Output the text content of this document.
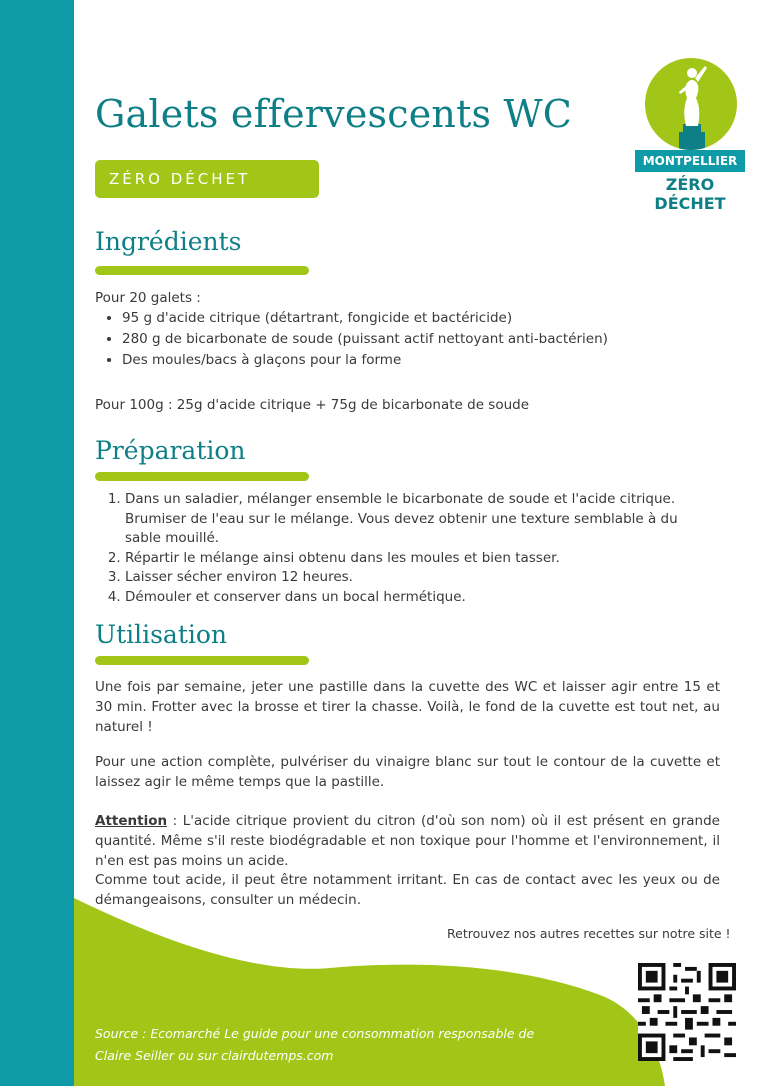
Galets effervescents WC
ZÉRO DÉCHET
MONTPELLIER
ZÉRO DÉCHET
Ingrédients
Pour 20 galets :
• 95 g d'acide citrique (détartrant, fongicide et bactéricide)
• 280 g de bicarbonate de soude (puissant actif nettoyant anti-bactérien)
• Des moules/bacs à glaçons pour la forme
Pour 100g : 25g d'acide citrique + 75g de bicarbonate de soude
Préparation
1. Dans un saladier, mélanger ensemble le bicarbonate de soude et l'acide citrique. Brumiser de l'eau sur le mélange. Vous devez obtenir une texture semblable à du sable mouillé.
2. Répartir le mélange ainsi obtenu dans les moules et bien tasser.
3. Laisser sécher environ 12 heures.
4. Démouler et conserver dans un bocal hermétique.
Utilisation
Une fois par semaine, jeter une pastille dans la cuvette des WC et laisser agir entre 15 et 30 min. Frotter avec la brosse et tirer la chasse. Voilà, le fond de la cuvette est tout net, au naturel !
Pour une action complète, pulvériser du vinaigre blanc sur tout le contour de la cuvette et laissez agir le même temps que la pastille.
Attention : L'acide citrique provient du citron (d'où son nom) où il est présent en grande quantité. Même s'il reste biodégradable et non toxique pour l'homme et l'environnement, il n'en est pas moins un acide.
Comme tout acide, il peut être notamment irritant. En cas de contact avec les yeux ou de démangeaisons, consulter un médecin.
Retrouvez nos autres recettes sur notre site !
Source : Ecomarché Le guide pour une consommation responsable de
Claire Seiller ou sur clairdutemps.com
